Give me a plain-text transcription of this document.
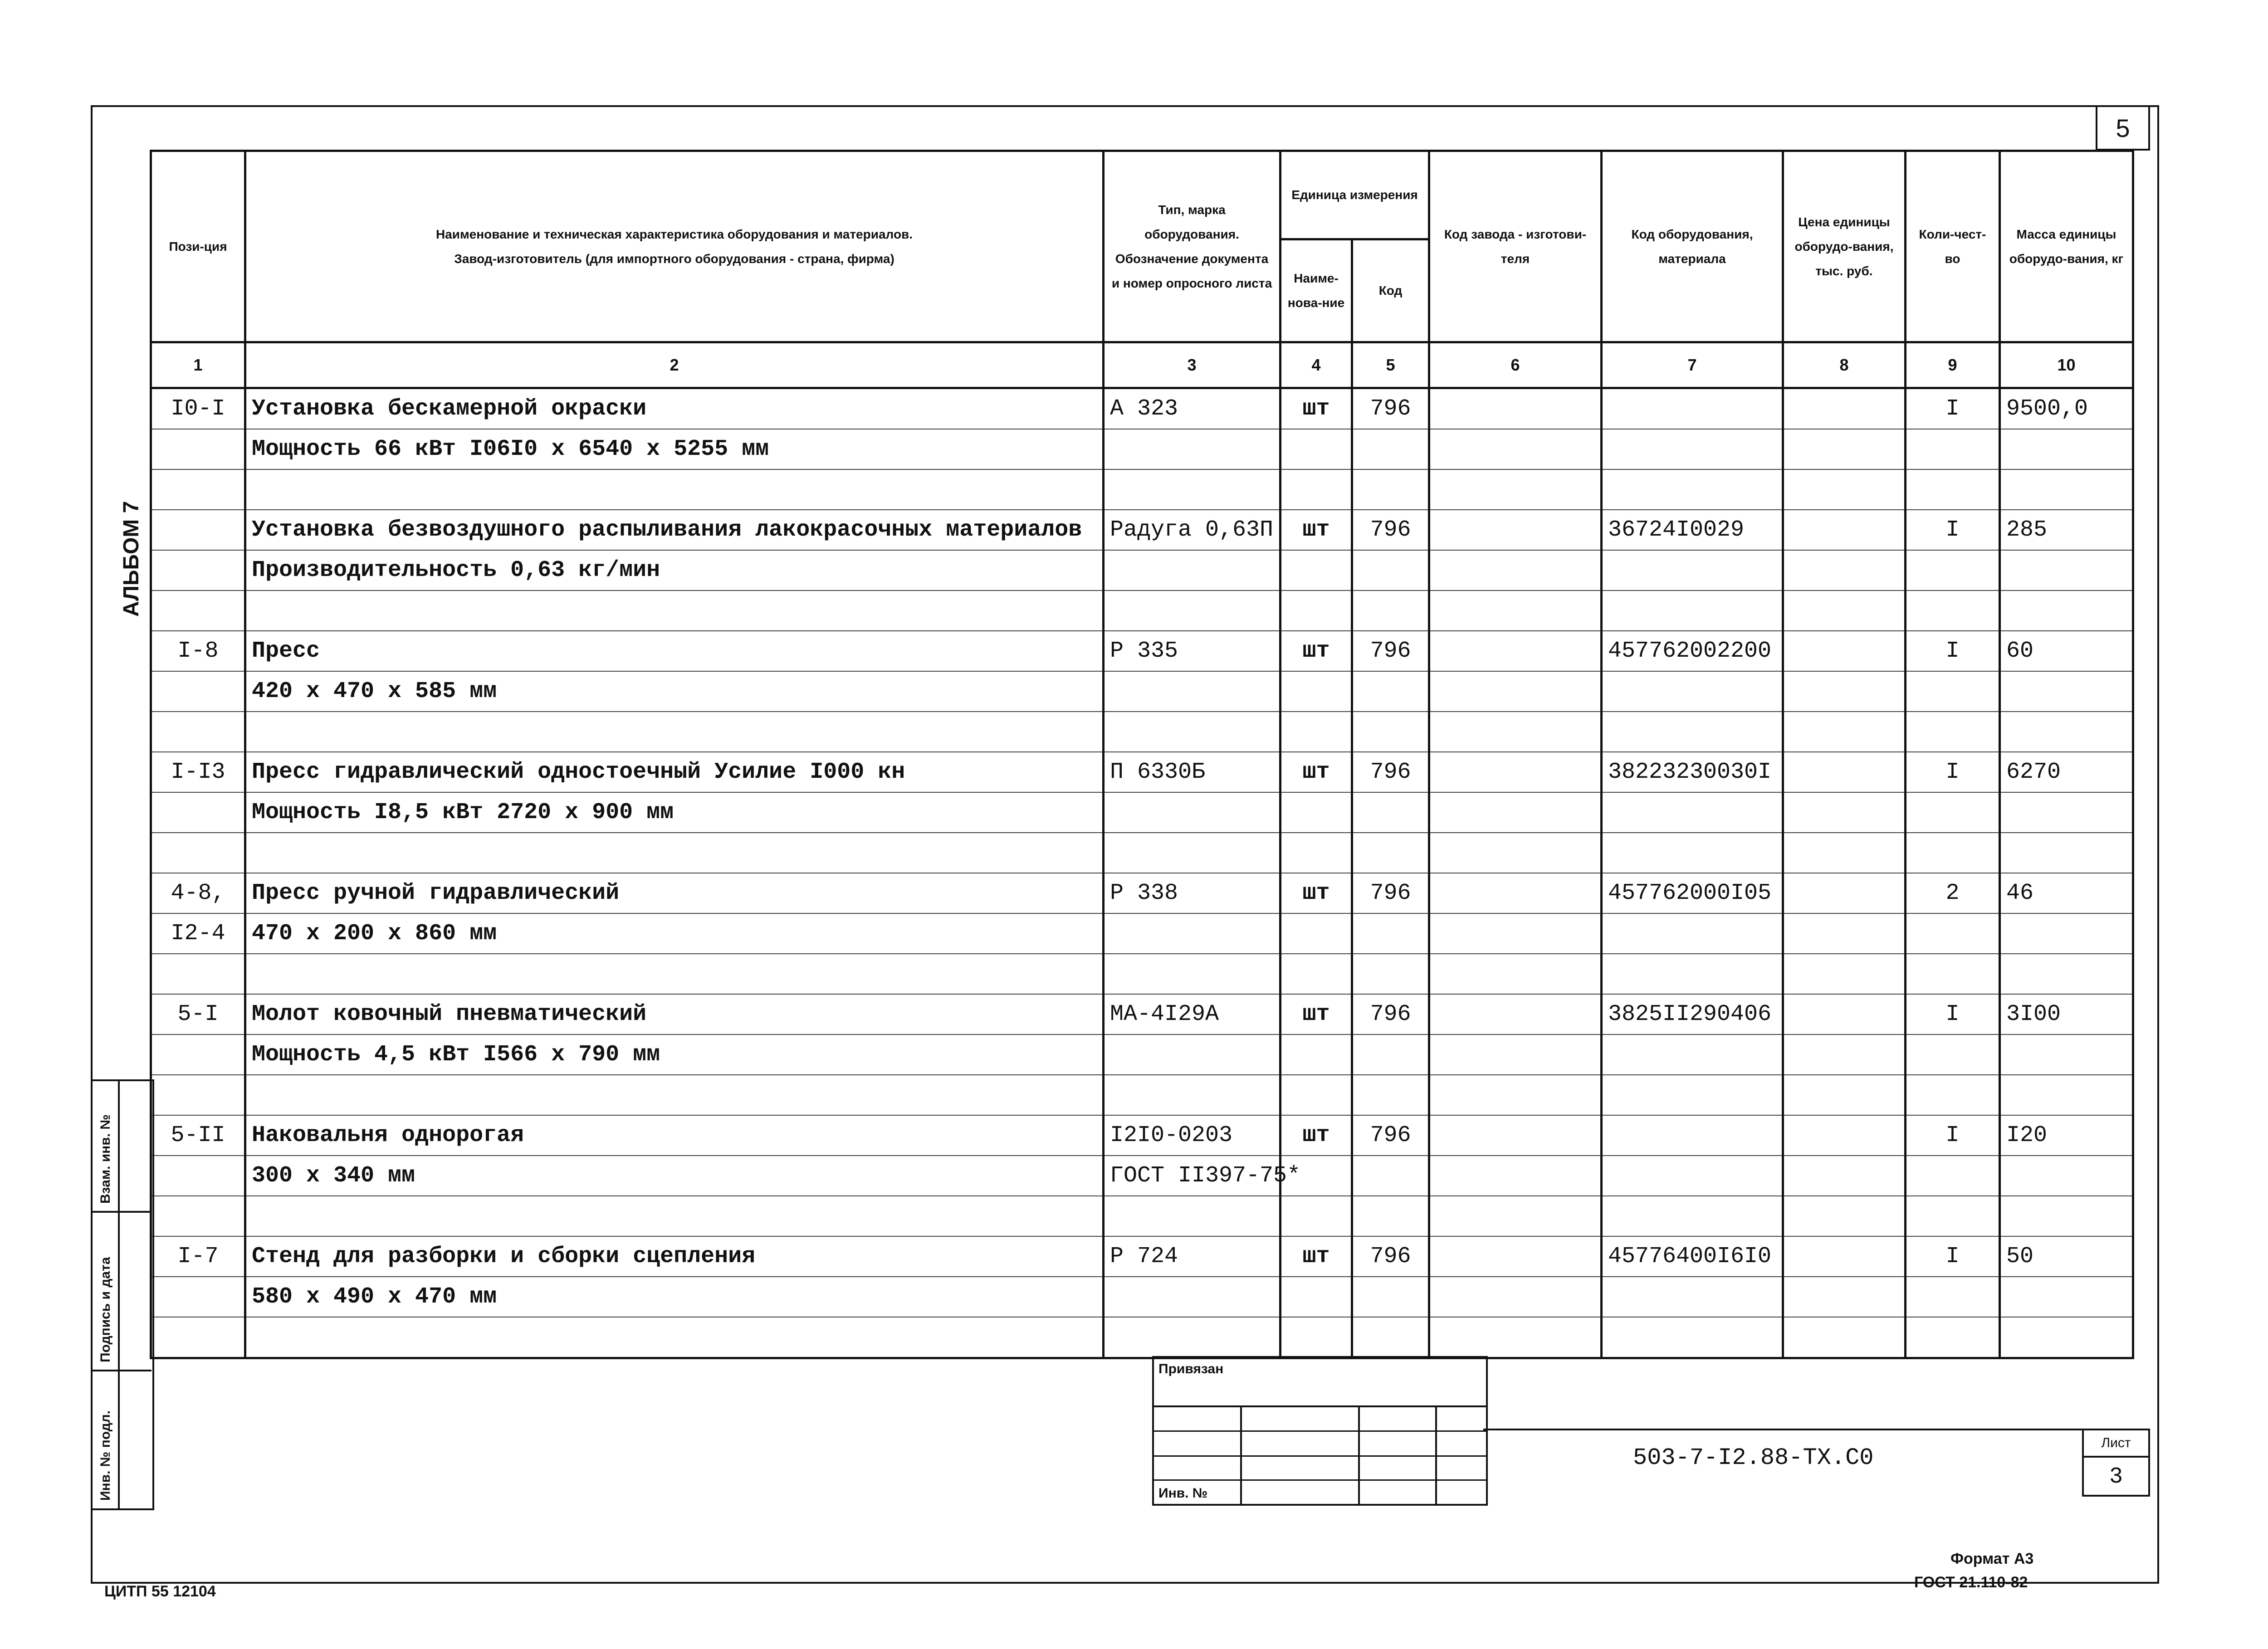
5
АЛЬБОМ 7
Пози-ция	Наименование и техническая характеристика оборудования и материалов.
Завод-изготовитель (для импортного оборудования - страна, фирма)	Тип, марка оборудования. Обозначение документа и номер опросного листа	Единица измерения		Код завода - изготови-теля	Код оборудования, материала	Цена единицы оборудо-вания, тыс. руб.	Коли-чест-во	Масса единицы оборудо-вания, кг
			Наиме-нова-ние	Код					
1	2	3	4	5	6	7	8	9	10
I0-I	Установка бескамерной окраски	А 323	шт	796				I	9500,0
	Мощность 66 кВт I06I0 х 6540 х 5255 мм								

	Установка безвоздушного распыливания лакокрасочных материалов	Радуга 0,63П	шт	796		36724I0029		I	285
	Производительность 0,63 кг/мин								

I-8	Пресс	Р 335	шт	796		457762002200		I	60
	420 х 470 х 585 мм								

I-I3	Пресс гидравлический одностоечный Усилие I000 кн	П 6330Б	шт	796		38223230030I		I	6270
	Мощность I8,5 кВт 2720 х 900 мм								

4-8,	Пресс ручной гидравлический	Р 338	шт	796		457762000I05		2	46
I2-4	470 х 200 х 860 мм								

5-I	Молот ковочный пневматический	МА-4I29А	шт	796		3825II290406		I	3I00
	Мощность 4,5 кВт I566 х 790 мм								

5-II	Наковальня однорогая	I2I0-0203	шт	796				I	I20
	300 х 340 мм	ГОСТ II397-75*							

I-7	Стенд для разборки и сборки сцепления	Р 724	шт	796		45776400I6I0		I	50
	580 х 490 х 470 мм								

Взам. инв. №
Подпись и дата
Инв. № подл.
Привязан
Инв. №
503-7-I2.88-ТХ.С0
Лист
3
Формат А3
ГОСТ 21.110-82
ЦИТП 55 12104
